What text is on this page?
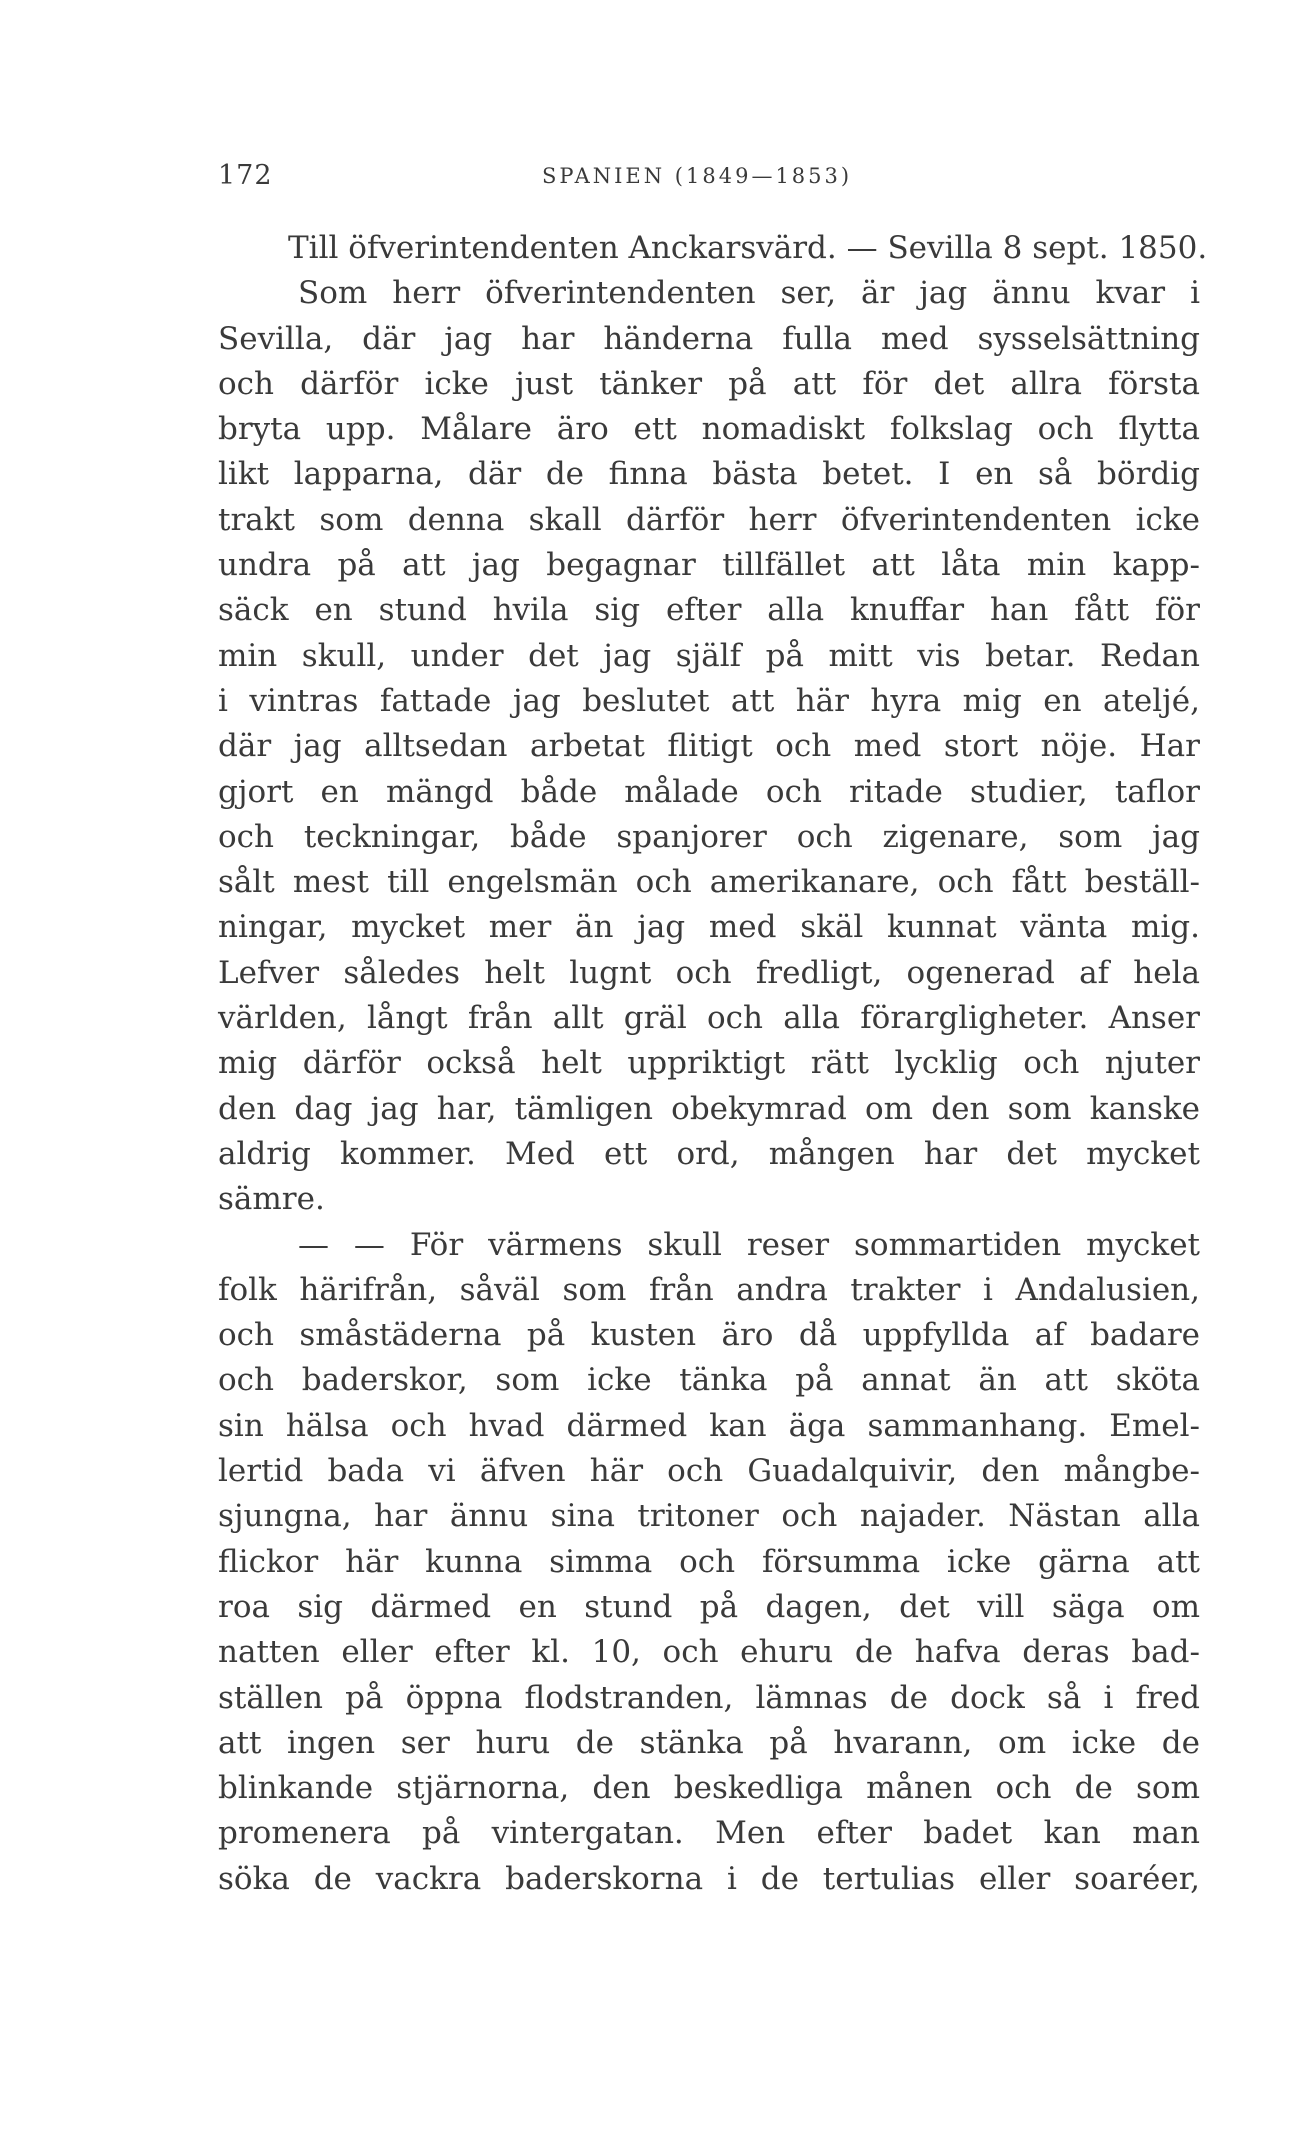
172	SPANIEN (1849—1853)
Till öfverintendenten Anckarsvärd. — Sevilla 8 sept. 1850.
Som herr öfverintendenten ser, är jag ännu kvar i
Sevilla, där jag har händerna fulla med sysselsättning
och därför icke just tänker på att för det allra första
bryta upp. Målare äro ett nomadiskt folkslag och flytta
likt lapparna, där de finna bästa betet. I en så bördig
trakt som denna skall därför herr öfverintendenten icke
undra på att jag begagnar tillfället att låta min kapp-
säck en stund hvila sig efter alla knuffar han fått för
min skull, under det jag själf på mitt vis betar. Redan
i vintras fattade jag beslutet att här hyra mig en ateljé,
där jag alltsedan arbetat flitigt och med stort nöje. Har
gjort en mängd både målade och ritade studier, taflor
och teckningar, både spanjorer och zigenare, som jag
sålt mest till engelsmän och amerikanare, och fått beställ-
ningar, mycket mer än jag med skäl kunnat vänta mig.
Lefver således helt lugnt och fredligt, ogenerad af hela
världen, långt från allt gräl och alla förargligheter. Anser
mig därför också helt uppriktigt rätt lycklig och njuter
den dag jag har, tämligen obekymrad om den som kanske
aldrig kommer. Med ett ord, mången har det mycket
sämre.
— — För värmens skull reser sommartiden mycket
folk härifrån, såväl som från andra trakter i Andalusien,
och småstäderna på kusten äro då uppfyllda af badare
och baderskor, som icke tänka på annat än att sköta
sin hälsa och hvad därmed kan äga sammanhang. Emel-
lertid bada vi äfven här och Guadalquivir, den mångbe-
sjungna, har ännu sina tritoner och najader. Nästan alla
flickor här kunna simma och försumma icke gärna att
roa sig därmed en stund på dagen, det vill säga om
natten eller efter kl. 10, och ehuru de hafva deras bad-
ställen på öppna flodstranden, lämnas de dock så i fred
att ingen ser huru de stänka på hvarann, om icke de
blinkande stjärnorna, den beskedliga månen och de som
promenera på vintergatan. Men efter badet kan man
söka de vackra baderskorna i de tertulias eller soaréer,
